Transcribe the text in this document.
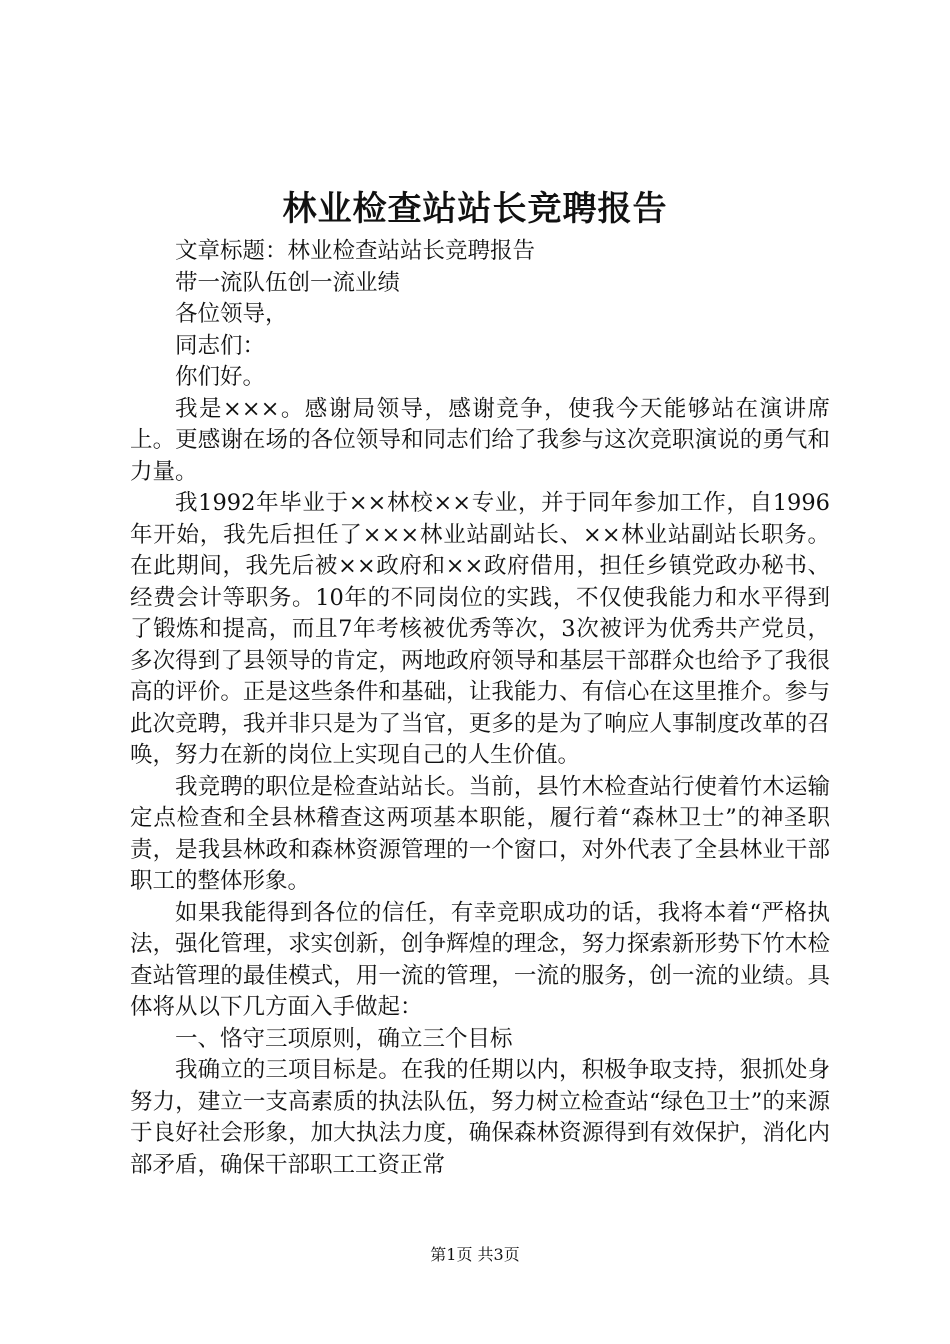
林业检查站站长竞聘报告

文章标题：林业检查站站长竞聘报告

带一流队伍创一流业绩

各位领导，

同志们：

你们好。

我是×××。感谢局领导，感谢竞争，使我今天能够站在演讲席上。更感谢在场的各位领导和同志们给了我参与这次竞职演说的勇气和力量。

我1992年毕业于××林校××专业，并于同年参加工作，自1996年开始，我先后担任了×××林业站副站长、××林业站副站长职务。在此期间，我先后被××政府和××政府借用，担任乡镇党政办秘书、经费会计等职务。10年的不同岗位的实践，不仅使我能力和水平得到了锻炼和提高，而且7年考核被优秀等次，3次被评为优秀共产党员，多次得到了县领导的肯定，两地政府领导和基层干部群众也给予了我很高的评价。正是这些条件和基础，让我能力、有信心在这里推介。参与此次竞聘，我并非只是为了当官，更多的是为了响应人事制度改革的召唤，努力在新的岗位上实现自己的人生价值。

我竞聘的职位是检查站站长。当前，县竹木检查站行使着竹木运输定点检查和全县林稽查这两项基本职能，履行着“森林卫士”的神圣职责，是我县林政和森林资源管理的一个窗口，对外代表了全县林业干部职工的整体形象。

如果我能得到各位的信任，有幸竞职成功的话，我将本着“严格执法，强化管理，求实创新，创争辉煌的理念，努力探索新形势下竹木检查站管理的最佳模式，用一流的管理，一流的服务，创一流的业绩。具体将从以下几方面入手做起：

一、恪守三项原则，确立三个目标

我确立的三项目标是。在我的任期以内，积极争取支持，狠抓处身努力，建立一支高素质的执法队伍，努力树立检查站“绿色卫士”的来源于良好社会形象，加大执法力度，确保森林资源得到有效保护，消化内部矛盾，确保干部职工工资正常

第1页 共3页
